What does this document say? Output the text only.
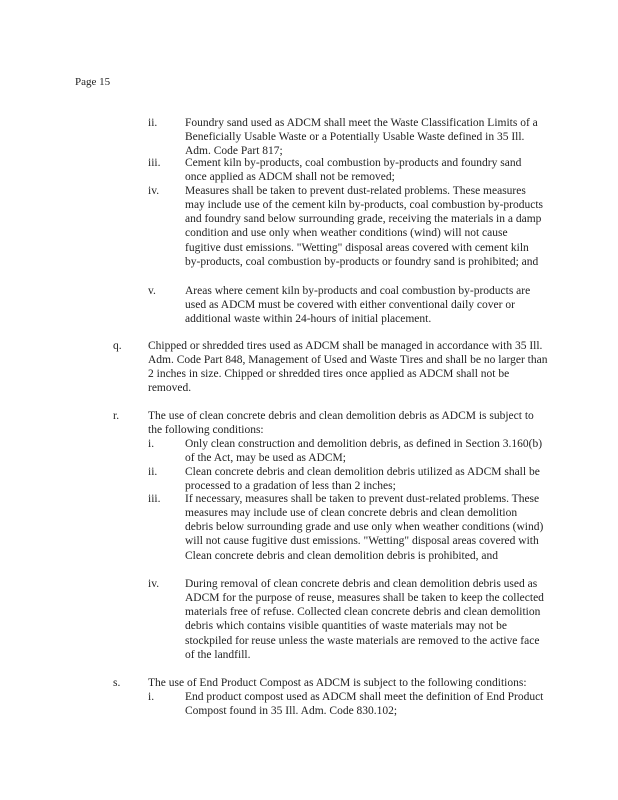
Page 15
ii. Foundry sand used as ADCM shall meet the Waste Classification Limits of a Beneficially Usable Waste or a Potentially Usable Waste defined in 35 Ill. Adm. Code Part 817;

iii. Cement kiln by-products, coal combustion by-products and foundry sand once applied as ADCM shall not be removed;

iv. Measures shall be taken to prevent dust-related problems. These measures may include use of the cement kiln by-products, coal combustion by-products and foundry sand below surrounding grade, receiving the materials in a damp condition and use only when weather conditions (wind) will not cause fugitive dust emissions. "Wetting" disposal areas covered with cement kiln by-products, coal combustion by-products or foundry sand is prohibited; and

v.	Areas where cement kiln by-products and coal combustion by-products are used as ADCM must be covered with either conventional daily cover or additional waste within 24-hours of initial placement.

q. Chipped or shredded tires used as ADCM shall be managed in accordance with 35 Ill. Adm. Code Part 848, Management of Used and Waste Tires and shall be no larger than 2 inches in size. Chipped or shredded tires once applied as ADCM shall not be removed.

r.	The use of clean concrete debris and clean demolition debris as ADCM is subject to the following conditions:

i.	Only clean construction and demolition debris, as defined in Section 3.160(b) of the Act, may be used as ADCM;

ii. Clean concrete debris and clean demolition debris utilized as ADCM shall be processed to a gradation of less than 2 inches;

iii. If necessary, measures shall be taken to prevent dust-related problems. These measures may include use of clean concrete debris and clean demolition debris below surrounding grade and use only when weather conditions (wind) will not cause fugitive dust emissions. "Wetting" disposal areas covered with Clean concrete debris and clean demolition debris is prohibited, and

iv. During removal of clean concrete debris and clean demolition debris used as ADCM for the purpose of reuse, measures shall be taken to keep the collected materials free of refuse. Collected clean concrete debris and clean demolition debris which contains visible quantities of waste materials may not be stockpiled for reuse unless the waste materials are removed to the active face of the landfill.

s. The use of End Product Compost as ADCM is subject to the following conditions:

i.	End product compost used as ADCM shall meet the definition of End Product Compost found in 35 Ill. Adm. Code 830.102;
